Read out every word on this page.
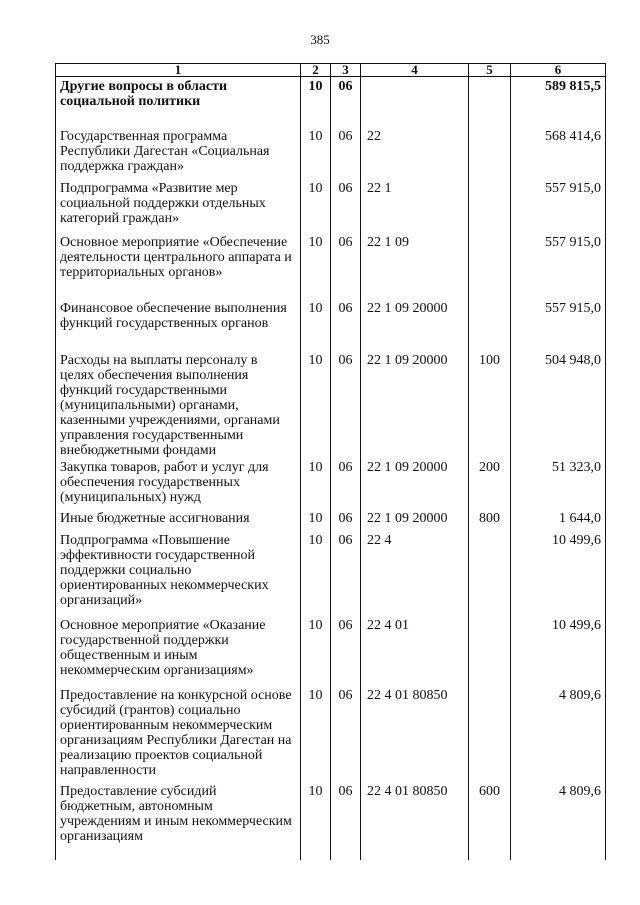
385
1	2	3	4	5	6
Другие вопросы в области социальной политики	10	06			589 815,5
Государственная программа Республики Дагестан «Социальная поддержка граждан»	10	06	22		568 414,6
Подпрограмма «Развитие мер социальной поддержки отдельных категорий граждан»	10	06	22 1		557 915,0
Основное мероприятие «Обеспечение деятельности центрального аппарата и территориальных органов»	10	06	22 1 09		557 915,0
Финансовое обеспечение выполнения функций государственных органов	10	06	22 1 09 20000		557 915,0
Расходы на выплаты персоналу в целях обеспечения выполнения функций государственными (муниципальными) органами, казенными учреждениями, органами управления государственными внебюджетными фондами	10	06	22 1 09 20000	100	504 948,0
Закупка товаров, работ и услуг для обеспечения государственных (муниципальных) нужд	10	06	22 1 09 20000	200	51 323,0
Иные бюджетные ассигнования	10	06	22 1 09 20000	800	1 644,0
Подпрограмма «Повышение эффективности государственной поддержки социально ориентированных некоммерческих организаций»	10	06	22 4		10 499,6
Основное мероприятие «Оказание государственной поддержки общественным и иным некоммерческим организациям»	10	06	22 4 01		10 499,6
Предоставление на конкурсной основе субсидий (грантов) социально ориентированным некоммерческим организациям Республики Дагестан на реализацию проектов социальной направленности	10	06	22 4 01 80850		4 809,6
Предоставление субсидий бюджетным, автономным учреждениям и иным некоммерческим организациям	10	06	22 4 01 80850	600	4 809,6
